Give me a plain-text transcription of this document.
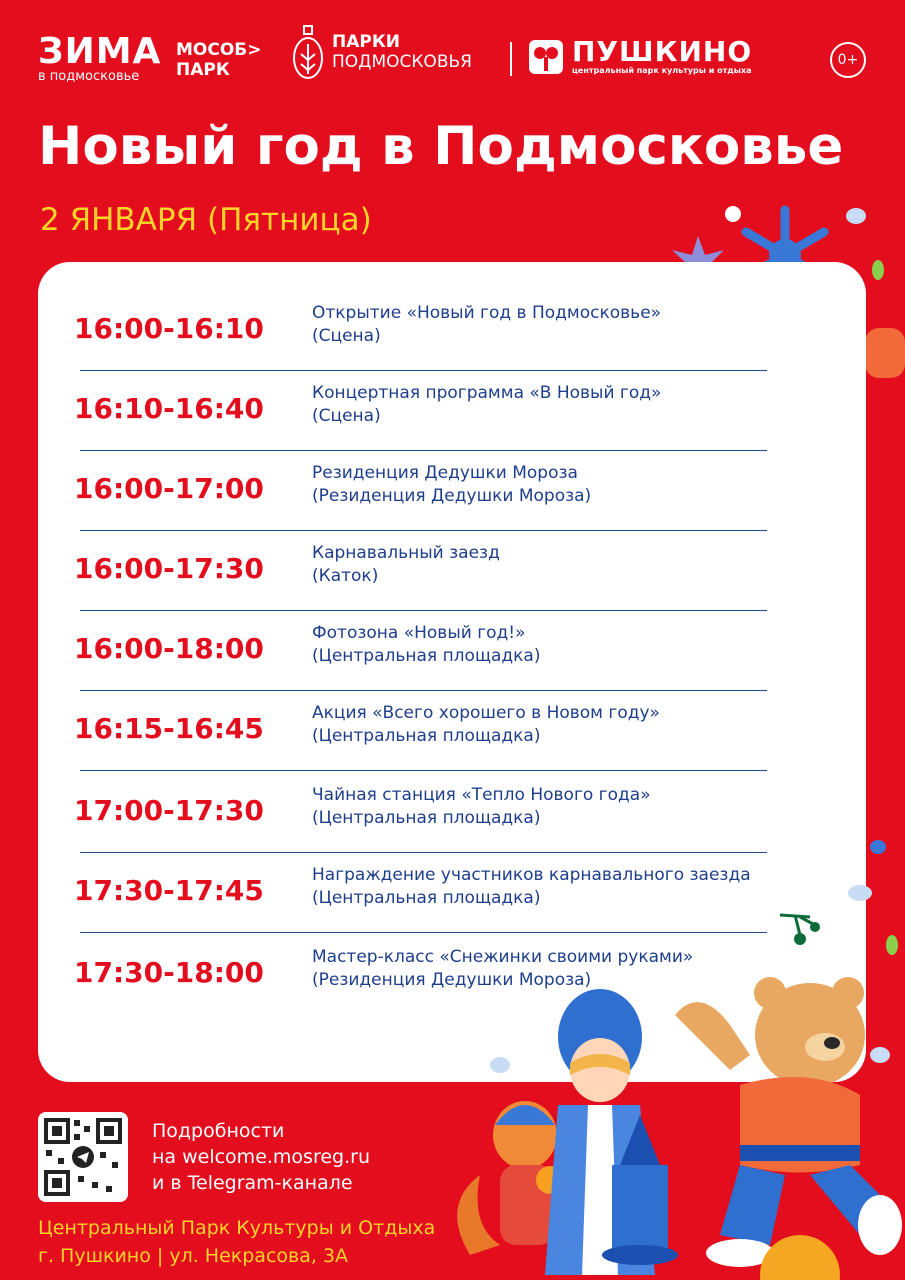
ЗИМА
в подмосковье
МОСОБ>
ПАРК
ПАРКИ
ПОДМОСКОВЬЯ	ПУШКИНО
центральный парк культуры и отдыха
0+
Новый год в Подмосковье
2 ЯНВАРЯ (Пятница)
16:00-16:10	Открытие «Новый год в Подмосковье»
(Сцена)
16:10-16:40	Концертная программа «В Новый год»
(Сцена)
16:00-17:00	Резиденция Дедушки Мороза
(Резиденция Дедушки Мороза)
16:00-17:30	Карнавальный заезд
(Каток)
16:00-18:00	Фотозона «Новый год!»
(Центральная площадка)
16:15-16:45	Акция «Всего хорошего в Новом году»
(Центральная площадка)
17:00-17:30	Чайная станция «Тепло Нового года»
(Центральная площадка)
17:30-17:45	Награждение участников карнавального заезда
(Центральная площадка)
17:30-18:00	Мастер-класс «Снежинки своими руками»
(Резиденция Дедушки Мороза)
Подробности
на welcome.mosreg.ru
и в Telegram-канале
Центральный Парк Культуры и Отдыха
г. Пушкино | ул. Некрасова, 3А
